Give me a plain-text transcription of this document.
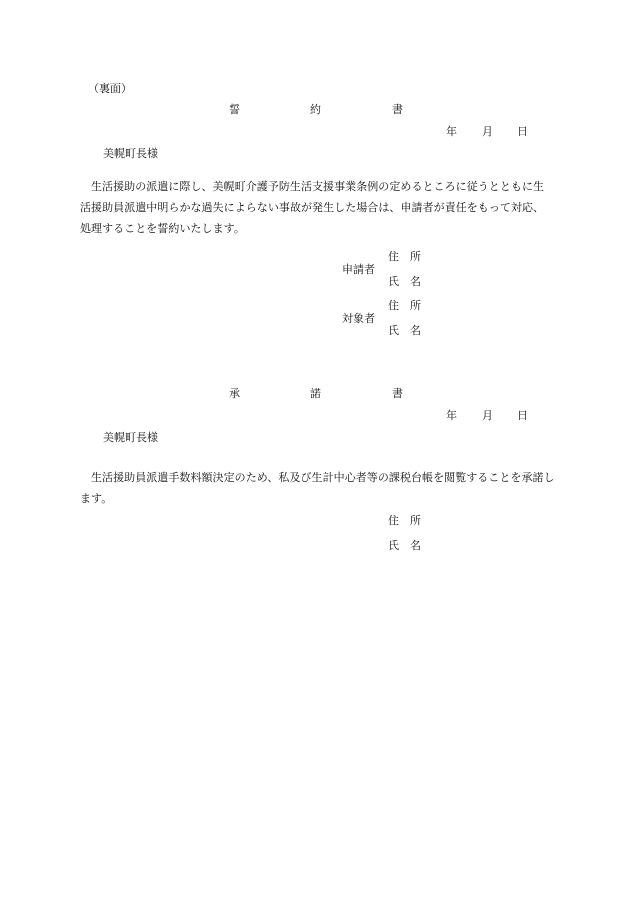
（裏面）
誓	約	書
年 月 日
美幌町長様

生活援助の派遣に際し、美幌町介護予防生活支援事業条例の定めるところに従うとともに生活援助員派遣中明らかな過失によらない事故が発生した場合は、申請者が責任をもって対応、処理することを誓約いたします。

申請者
住　所
氏　名
対象者
住　所
氏　名
承	諾	書
年 月 日
美幌町長様

生活援助員派遣手数料額決定のため、私及び生計中心者等の課税台帳を閲覧することを承諾します。

住　所
氏　名
